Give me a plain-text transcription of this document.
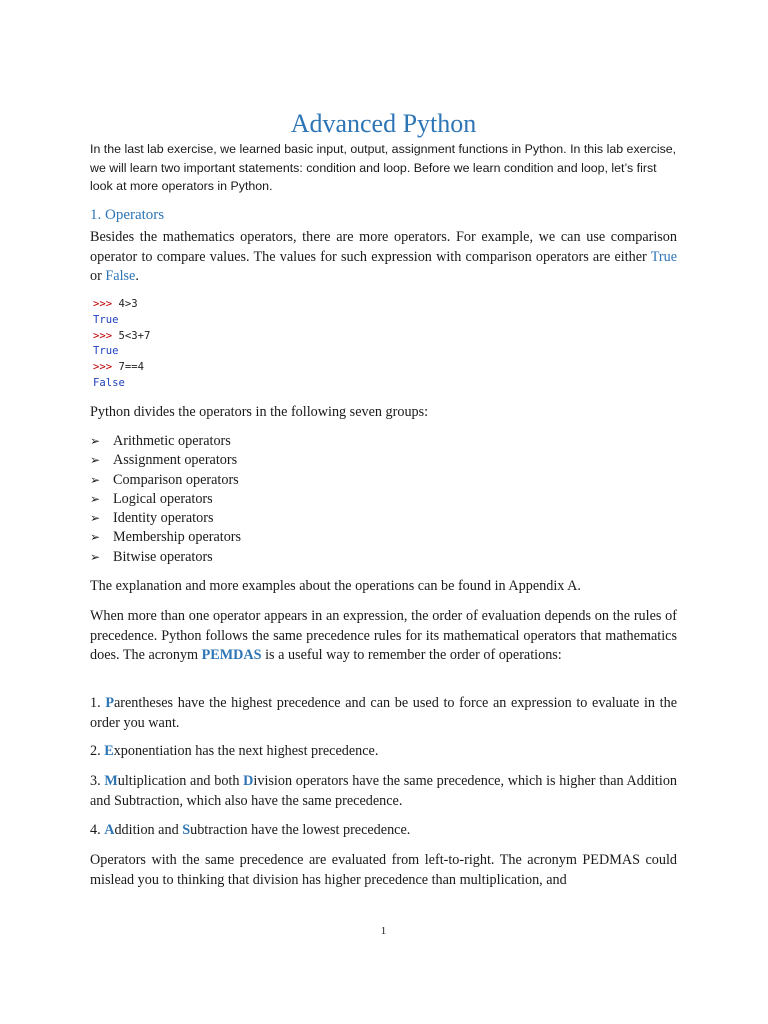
Advanced Python

In the last lab exercise, we learned basic input, output, assignment functions in Python. In this lab exercise, we will learn two important statements: condition and loop. Before we learn condition and loop, let’s first look at more operators in Python.

1. Operators

Besides the mathematics operators, there are more operators. For example, we can use comparison operator to compare values. The values for such expression with comparison operators are either True or False.

>>> 4>3
True
>>> 5<3+7
True
>>> 7==4
False

Python divides the operators in the following seven groups:

➢ Arithmetic operators
➢ Assignment operators
➢ Comparison operators
➢ Logical operators
➢ Identity operators
➢ Membership operators
➢ Bitwise operators

The explanation and more examples about the operations can be found in Appendix A.

When more than one operator appears in an expression, the order of evaluation depends on the rules of precedence. Python follows the same precedence rules for its mathematical operators that mathematics does. The acronym PEMDAS is a useful way to remember the order of operations:

1. Parentheses have the highest precedence and can be used to force an expression to evaluate in the order you want.

2. Exponentiation has the next highest precedence.

3. Multiplication and both Division operators have the same precedence, which is higher than Addition and Subtraction, which also have the same precedence.

4. Addition and Subtraction have the lowest precedence.

Operators with the same precedence are evaluated from left-to-right. The acronym PEDMAS could mislead you to thinking that division has higher precedence than multiplication, and

1
